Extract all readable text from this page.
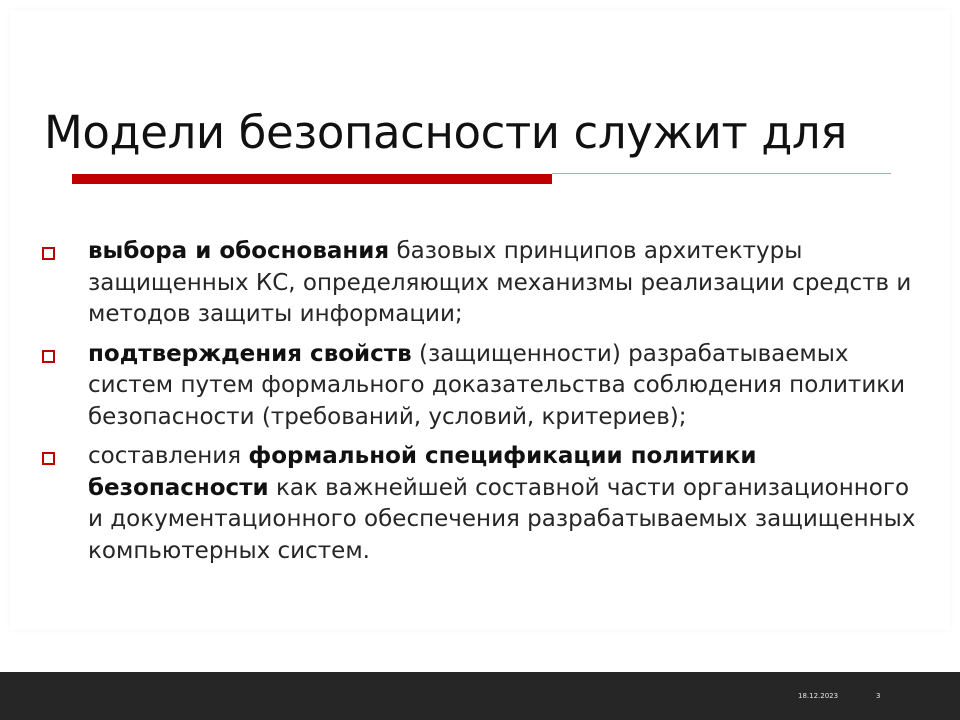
Модели безопасности служит для
выбора и обоснования базовых принципов архитектуры защищенных КС, определяющих механизмы реализации средств и методов защиты информации;
подтверждения свойств (защищенности) разрабатываемых систем путем формального доказательства соблюдения политики безопасности (требований, условий, критериев);
составления формальной спецификации политики безопасности как важнейшей составной части организационного и документационного обеспечения разрабатываемых защищенных компьютерных систем.
18.12.2023	3
